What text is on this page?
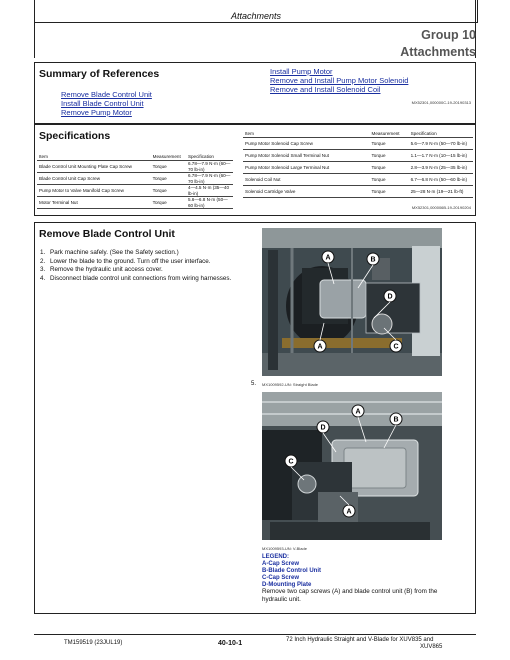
Attachments
Group 10
Attachments
Summary of References
Remove Blade Control Unit
Install Blade Control Unit
Remove Pump Motor
Install Pump Motor
Remove and Install Pump Motor Solenoid
Remove and Install Solenoid Coil
MX52301,000000C-19-20190313
Specifications
Item	Measurement	Specification
Blade Control Unit Mounting Plate Cap Screw	Torque	6.78—7.9 N·m (60—70 lb-in)
Blade Control Unit Cap Screw	Torque	6.78—7.9 N·m (60—70 lb-in)
Pump Motor to Valve Manifold Cap Screw	Torque	4—4.5 N·m (35—40 lb-in)
Motor Terminal Nut	Torque	5.6—6.8 N·m (50—60 lb-in)
Item	Measurement	Specification
Pump Motor Solenoid Cap Screw	Torque	5.6—7.9 N·m (50—70 lb-in)
Pump Motor Solenoid Small Terminal Nut	Torque	1.1—1.7 N·m (10—15 lb-in)
Pump Motor Solenoid Large Terminal Nut	Torque	2.8—3.9 N·m (25—35 lb-in)
Solenoid Coil Nut	Torque	6.7—6.8 N·m (50—60 lb-in)
Solenoid Cartridge Valve	Torque	25—28 N·m (19—21 lb-ft)
MX52301,000006B-19-20190204
Remove Blade Control Unit
1. Park machine safely. (See the Safety section.)
2. Lower the blade to the ground. Turn off the user interface.
3. Remove the hydraulic unit access cover.
4. Disconnect blade control unit connections from wiring harnesses.
A	B
D
A	C
5. MX1009592-UN: Straight Blade
A
B
D
C
A
MX1009593-UN: V-Blade
LEGEND:
A-Cap Screw
B-Blade Control Unit
C-Cap Screw
D-Mounting Plate
Remove two cap screws (A) and blade control unit (B) from the hydraulic unit.
TM159519 (23JUL19)	40-10-1	72 Inch Hydraulic Straight and V-Blade for XUV835 and
XUV865
